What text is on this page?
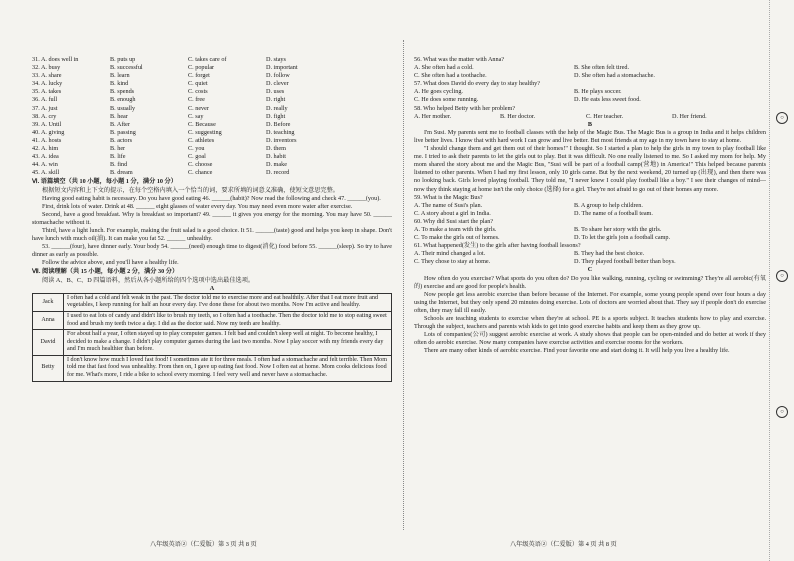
○
○
○
31. A. does well in	B. puts up	C. takes care of	D. stays
32. A. busy	B. successful	C. popular	D. important
33. A. share	B. learn	C. forget	D. follow
34. A. lucky	B. kind	C. quiet	D. clever
35. A. takes	B. spends	C. costs	D. uses
36. A. full	B. enough	C. free	D. right
37. A. just	B. usually	C. never	D. really
38. A. cry	B. hear	C. say	D. fight
39. A. Until	B. After	C. Because	D. Before
40. A. giving	B. passing	C. suggesting	D. teaching
41. A. hosts	B. actors	C. athletes	D. inventors
42. A. him	B. her	C. you	D. them
43. A. idea	B. life	C. goal	D. habit
44. A. win	B. find	C. choose	D. make
45. A. skill	B. dream	C. chance	D. record
Ⅵ. 语篇填空（共 10 小题，每小题 1 分，满分 10 分）

根据短文内容和上下文的提示，在每个空格内填入一个恰当的词，要求所填的词意义准确，使短文意思完整。

Having good eating habit is necessary. Do you have good eating 46. ______(habit)? Now read the following and check 47. ______(you).

First, drink lots of water. Drink at 48. ______ eight glasses of water every day. You may need even more water after exercise.

Second, have a good breakfast. Why is breakfast so important? 49. ______ it gives you energy for the morning. You may have 50. ______ stomachache without it.

Third, have a light lunch. For example, making the fruit salad is a good choice. It 51. ______(taste) good and helps you keep in shape. Don't have lunch with much oil(油). It can make you fat 52. ______ unhealthy.

53. ______(four), have dinner early. Your body 54. ______(need) enough time to digest(消化) food before 55. ______(sleep). So try to have dinner as early as possible.

Follow the advice above, and you'll have a healthy life.

Ⅶ. 阅读理解（共 15 小题，每小题 2 分，满分 30 分）

阅读 A、B、C、D 四篇语料，然后从各小题所给的四个选项中选出最佳选项。

A
Jack	I often had a cold and felt weak in the past. The doctor told me to exercise more and eat healthily. After that I eat more fruit and vegetables, I keep running for half an hour every day. I've done these for about two months. Now I'm active and healthy.
Anna	I used to eat lots of candy and didn't like to brush my teeth, so I often had a toothache. Then the doctor told me to stop eating sweet food and brush my teeth twice a day. I did as the doctor said. Now my teeth are healthy.
David	For about half a year, I often stayed up to play computer games. I felt bad and couldn't sleep well at night. To become healthy, I decided to make a change. I didn't play computer games during the last two months. Now I play soccer with my friends every day and I'm much healthier than before.
Betty	I don't know how much I loved fast food! I sometimes ate it for three meals. I often had a stomachache and felt terrible. Then Mom told me that fast food was unhealthy. From then on, I gave up eating fast food. Now I often eat at home. Mom cooks delicious food for me. What's more, I ride a bike to school every morning. I feel very well and never have a stomachache.
八年级英语②（仁爱版）第 3 页 共 8 页	八年级英语②（仁爱版）第 4 页 共 8 页
56. What was the matter with Anna?
A. She often had a cold.	B. She often felt tired.
C. She often had a toothache.	D. She often had a stomachache.
57. What does David do every day to stay healthy?
A. He goes cycling.	B. He plays soccer.
C. He does some running.	D. He eats less sweet food.
58. Who helped Betty with her problem?
A. Her mother.	B. Her doctor.	C. Her teacher.	D. Her friend.
B

I'm Susi. My parents sent me to football classes with the help of the Magic Bus. The Magic Bus is a group in India and it helps children live better lives. I know that with hard work I can grow and live better. But most friends at my age in my town have to stay at home.

"I should change them and get them out of their homes!" I thought. So I started a plan to help the girls in my town to play football like me. I tried to ask their parents to let the girls out to play. But it was difficult. No one really listened to me. So I asked my mom for help. My mom shared the story about me and the Magic Bus, "Susi will be part of a football camp(营地) in America!" This helped because parents listened to other parents. When I had my first lesson, only 10 girls came. But by the next weekend, 20 turned up (出现), and then there was no looking back. Girls loved playing football. They told me, "I never knew I could play football like a boy." I see their changes of mind—now they think staying at home isn't the only choice (选择) for a girl. They're not afraid to go out of their homes any more.

59. What is the Magic Bus?
A. The name of Susi's plan.	B. A group to help children.
C. A story about a girl in India.	D. The name of a football team.
60. Why did Susi start the plan?
A. To make a team with the girls.	B. To share her story with the girls.
C. To make the girls out of homes.	D. To let the girls join a football camp.
61. What happened(发生) to the girls after having football lessons?
A. Their mind changed a lot.	B. They had the best choice.
C. They chose to stay at home.	D. They played football better than boys.
C

How often do you exercise? What sports do you often do? Do you like walking, running, cycling or swimming? They're all aerobic(有氧的) exercise and are good for people's health.

Now people get less aerobic exercise than before because of the Internet. For example, some young people spend over four hours a day using the Internet, but they only spend 20 minutes doing exercise. Lots of doctors are worried about that. They say if people don't do exercise often, they may fall ill easily.

Schools are teaching students to exercise when they're at school. PE is a sports subject. It teaches students how to play and exercise. Through the subject, teachers and parents wish kids to get into good exercise habits and keep them as they grow up.

Lots of companies(公司) suggest aerobic exercise at work. A study shows that people can be open-minded and do better at work if they often do aerobic exercise. Now many companies have exercise activities and exercise rooms for the workers.

There are many other kinds of aerobic exercise. Find your favorite one and start doing it. It will help you live a healthy life.
